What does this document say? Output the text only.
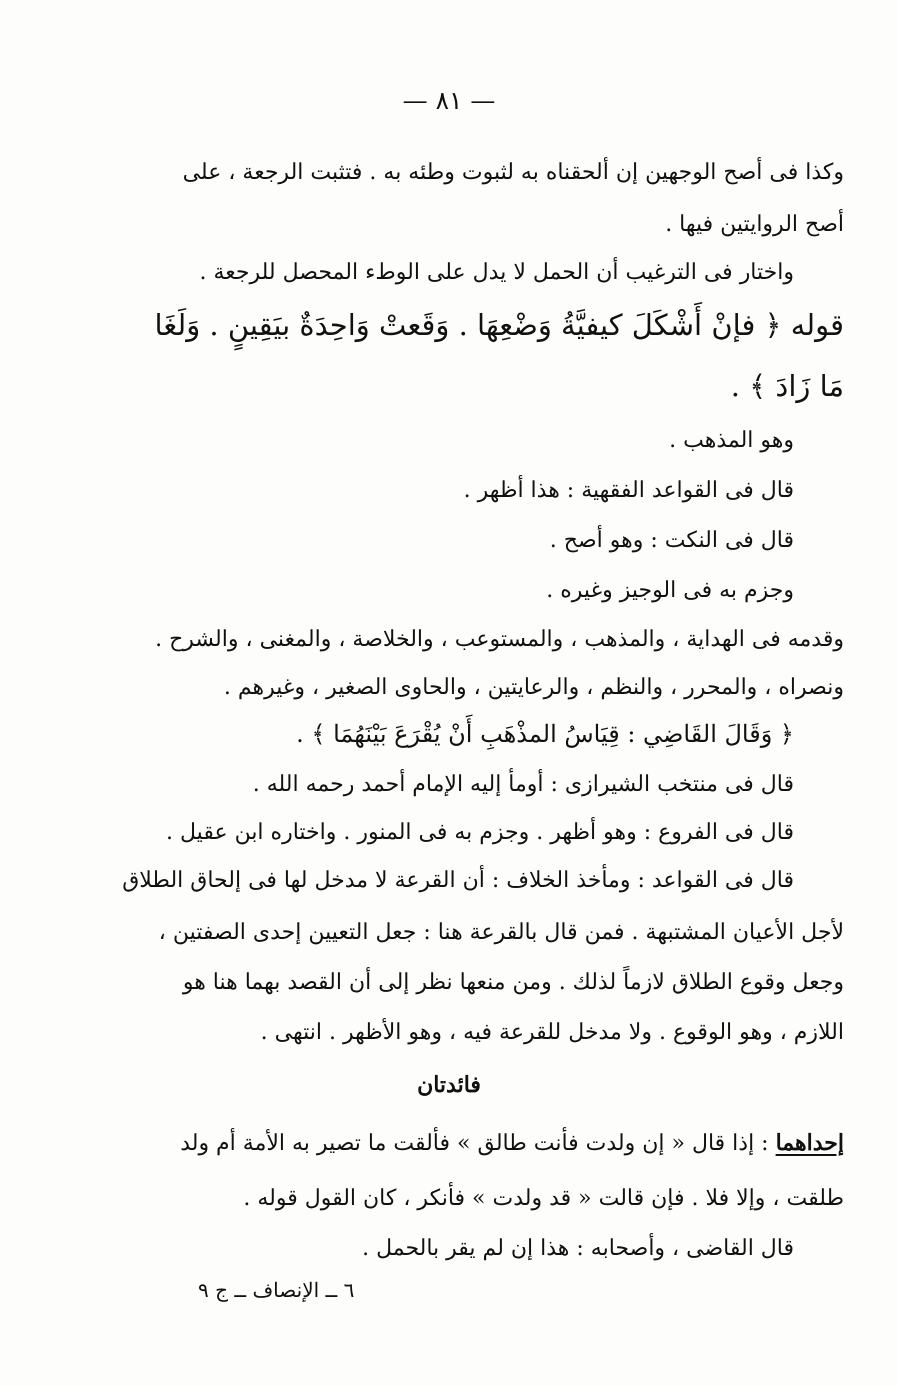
— ٨١ —
وكذا فى أصح الوجهين إن ألحقناه به لثبوت وطئه به . فتثبت الرجعة ، على
أصح الروايتين فيها .
واختار فى الترغيب أن الحمل لا يدل على الوطء المحصل للرجعة .
قوله ﴿ فإنْ أَشْكَلَ كيفيَّةُ وَضْعِهَا . وَقَعتْ وَاحِدَةٌ بيَقِينٍ . وَلَغَا
مَا زَادَ ﴾ .
وهو المذهب .
قال فى القواعد الفقهية : هذا أظهر .
قال فى النكت : وهو أصح .
وجزم به فى الوجيز وغيره .
وقدمه فى الهداية ، والمذهب ، والمستوعب ، والخلاصة ، والمغنى ، والشرح .
ونصراه ، والمحرر ، والنظم ، والرعايتين ، والحاوى الصغير ، وغيرهم .
﴿ وَقَالَ القَاضِي : قِيَاسُ المذْهَبِ أَنْ يُقْرَعَ بَيْنَهُمَا ﴾ .
قال فى منتخب الشيرازى : أومأ إليه الإمام أحمد رحمه الله .
قال فى الفروع : وهو أظهر . وجزم به فى المنور . واختاره ابن عقيل .
قال فى القواعد : ومأخذ الخلاف : أن القرعة لا مدخل لها فى إلحاق الطلاق
لأجل الأعيان المشتبهة . فمن قال بالقرعة هنا : جعل التعيين إحدى الصفتين ،
وجعل وقوع الطلاق لازماً لذلك . ومن منعها نظر إلى أن القصد بهما هنا هو
اللازم ، وهو الوقوع . ولا مدخل للقرعة فيه ، وهو الأظهر . انتهى .
فائدتان
إحداهما : إذا قال « إن ولدت فأنت طالق » فألقت ما تصير به الأمة أم ولد
طلقت ، وإلا فلا . فإن قالت « قد ولدت » فأنكر ، كان القول قوله .
قال القاضى ، وأصحابه : هذا إن لم يقر بالحمل .
٦ ــ الإنصاف ــ ج ٩
